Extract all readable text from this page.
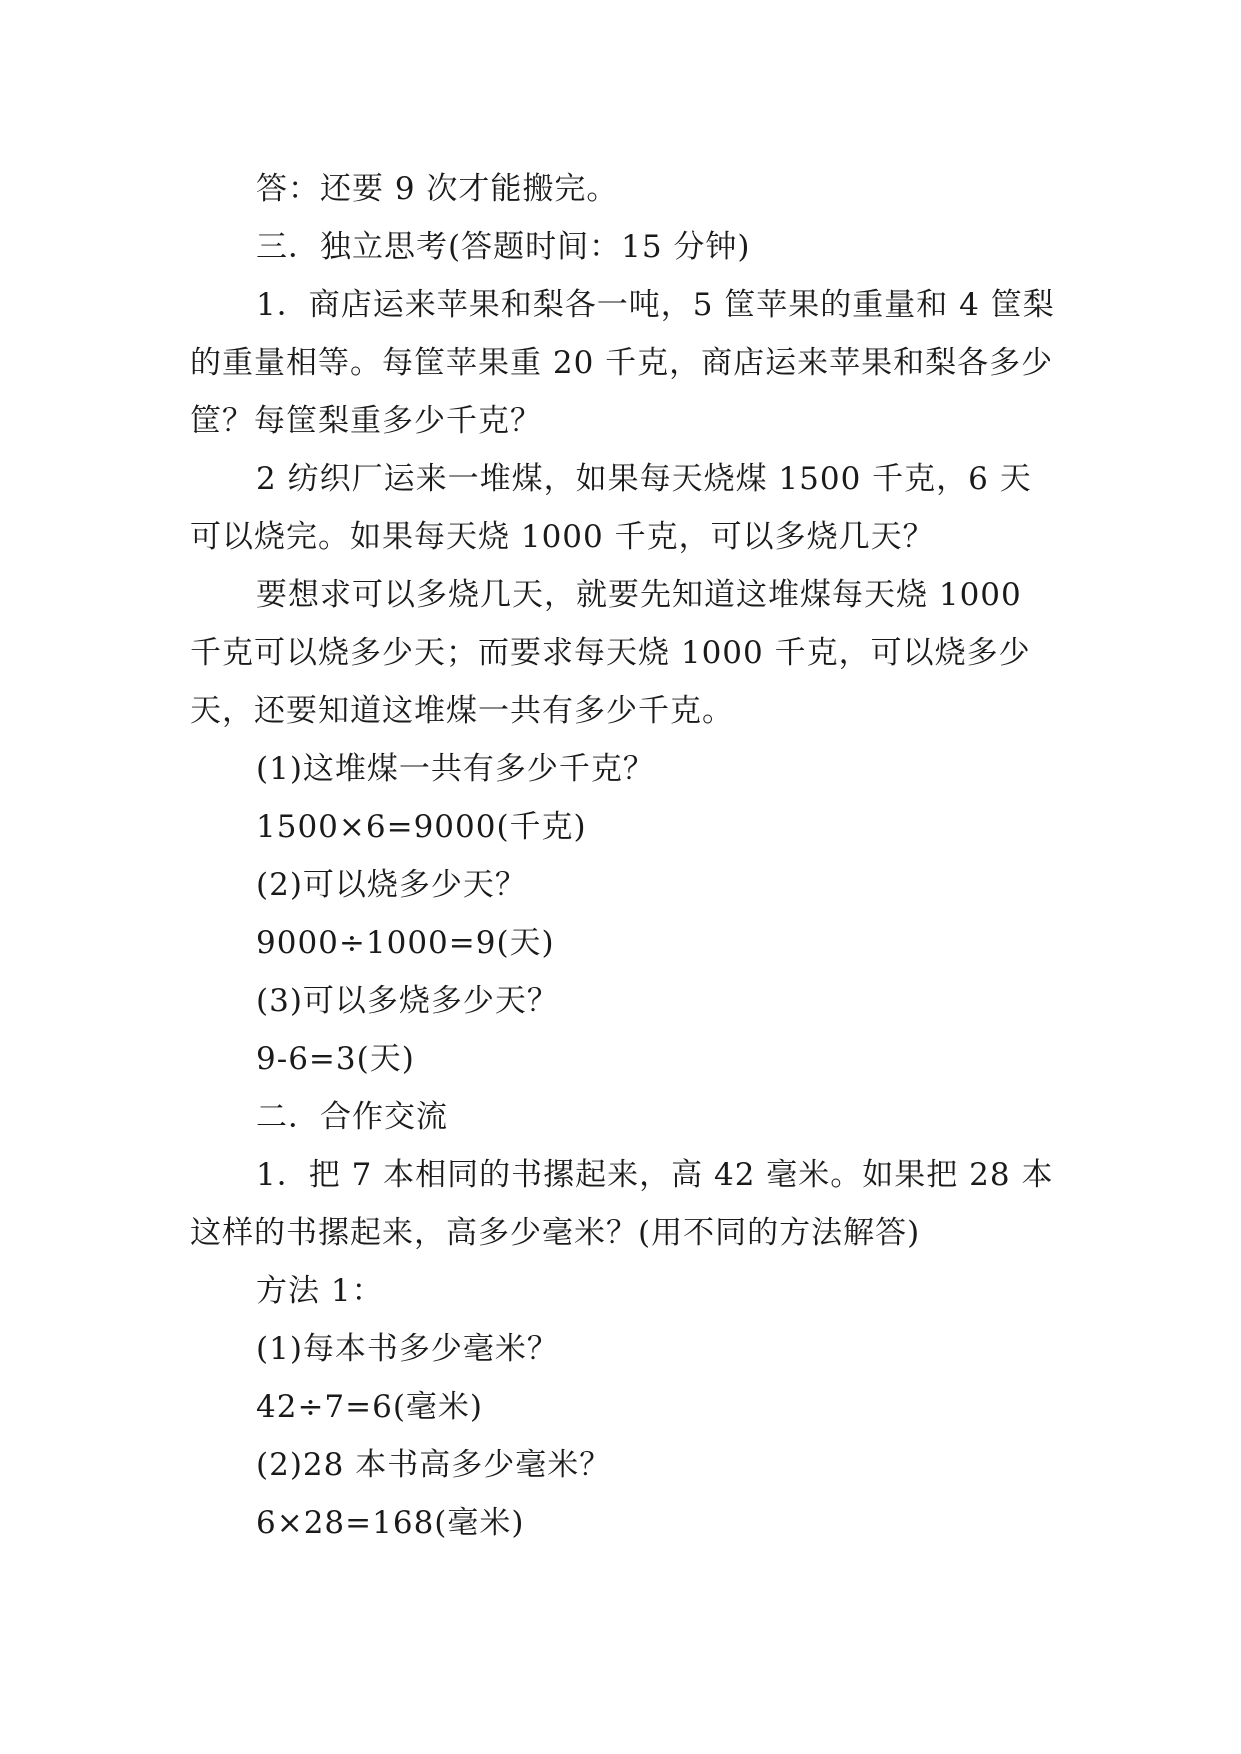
答：还要 9 次才能搬完。

三．独立思考(答题时间：15 分钟)

1．商店运来苹果和梨各一吨，5 筐苹果的重量和 4 筐梨的重量相等。每筐苹果重 20 千克，商店运来苹果和梨各多少筐？每筐梨重多少千克？

2 纺织厂运来一堆煤，如果每天烧煤 1500 千克，6 天可以烧完。如果每天烧 1000 千克，可以多烧几天？

要想求可以多烧几天，就要先知道这堆煤每天烧 1000 千克可以烧多少天；而要求每天烧 1000 千克，可以烧多少天，还要知道这堆煤一共有多少千克。

(1)这堆煤一共有多少千克？

1500×6=9000(千克)

(2)可以烧多少天？

9000÷1000=9(天)

(3)可以多烧多少天？

9-6=3(天)

二．合作交流

1．把 7 本相同的书摞起来，高 42 毫米。如果把 28 本这样的书摞起来，高多少毫米？(用不同的方法解答)

方法 1：

(1)每本书多少毫米？

42÷7=6(毫米)

(2)28 本书高多少毫米？

6×28=168(毫米)
